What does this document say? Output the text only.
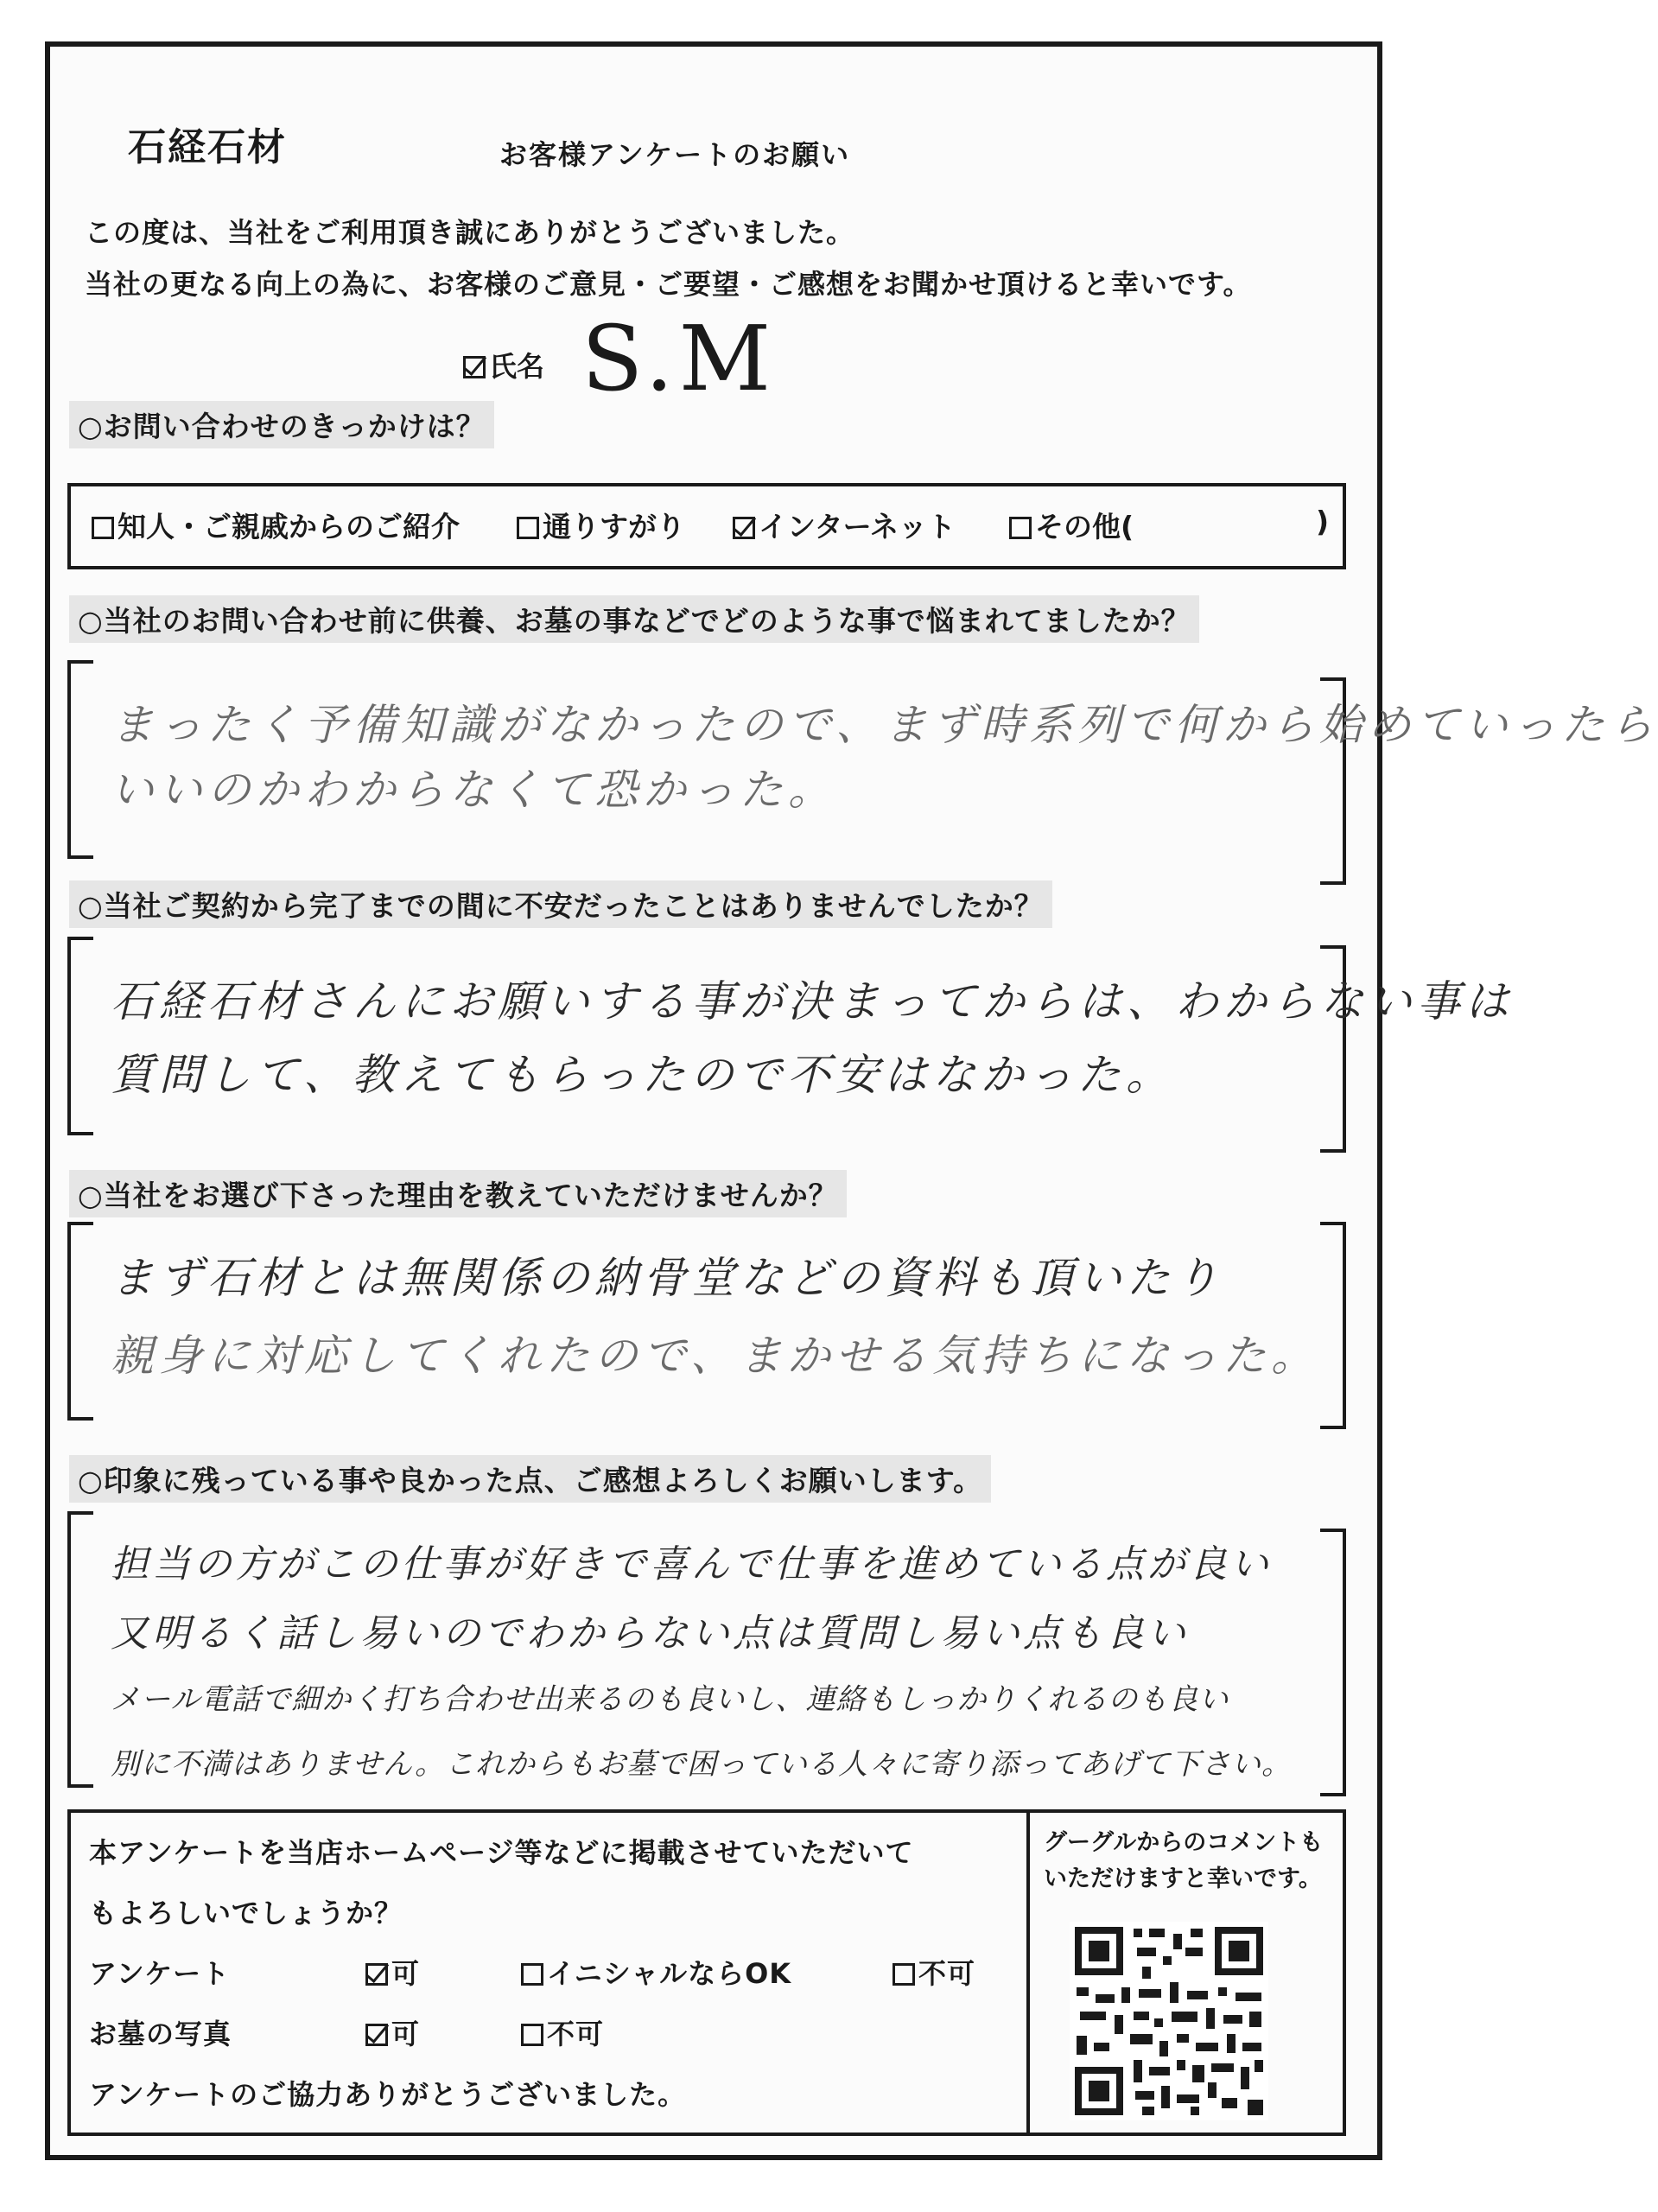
石経石材	お客様アンケートのお願い
この度は、当社をご利用頂き誠にありがとうございました。
当社の更なる向上の為に、お客様のご意見・ご要望・ご感想をお聞かせ頂けると幸いです。
氏名 S.M
○お問い合わせのきっかけは？
知人・ご親戚からのご紹介	通りすがり	インターネット	その他(	)
○当社のお問い合わせ前に供養、お墓の事などでどのような事で悩まれてましたか？
まったく予備知識がなかったので、まず時系列で何から始めていったら
いいのかわからなくて恐かった。
○当社ご契約から完了までの間に不安だったことはありませんでしたか？
石経石材さんにお願いする事が決まってからは、わからない事は
質問して、教えてもらったので不安はなかった。
○当社をお選び下さった理由を教えていただけませんか？
まず石材とは無関係の納骨堂などの資料も頂いたり
親身に対応してくれたので、まかせる気持ちになった。
○印象に残っている事や良かった点、ご感想よろしくお願いします。
担当の方がこの仕事が好きで喜んで仕事を進めている点が良い
又明るく話し易いのでわからない点は質問し易い点も良い
メール電話で細かく打ち合わせ出来るのも良いし、連絡もしっかりくれるのも良い
別に不満はありません。これからもお墓で困っている人々に寄り添ってあげて下さい。
本アンケートを当店ホームページ等などに掲載させていただいて
もよろしいでしょうか？
アンケート	可	イニシャルならOK	不可
お墓の写真	可	不可
アンケートのご協力ありがとうございました。
グーグルからのコメントもいただけますと幸いです。
